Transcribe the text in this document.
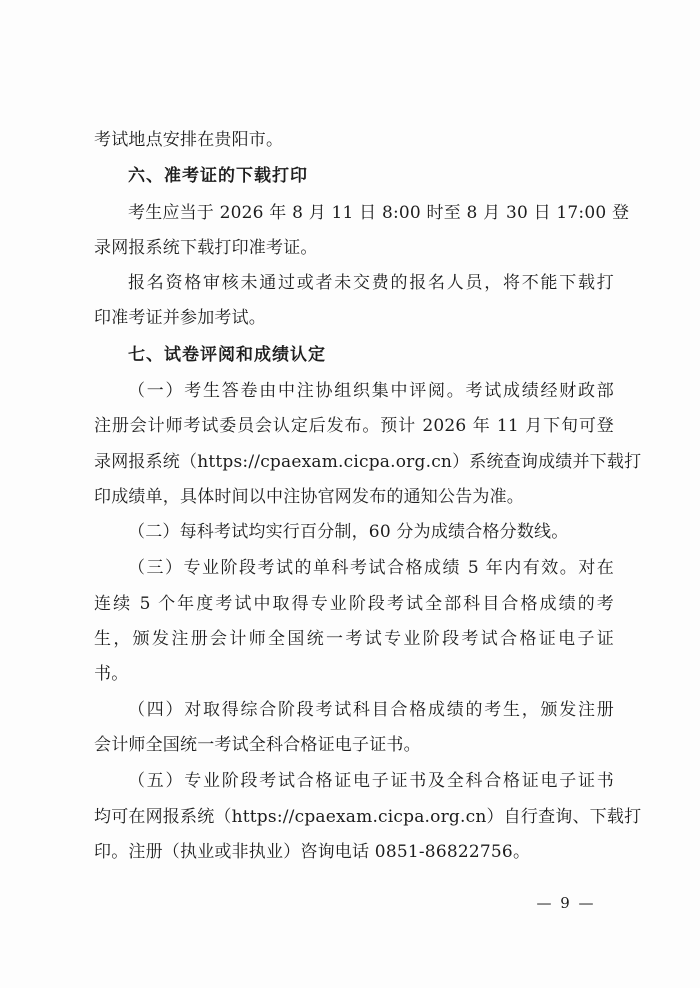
考试地点安排在贵阳市。
六、准考证的下载打印
考生应当于 2026 年 8 月 11 日 8:00 时至 8 月 30 日 17:00 登
录网报系统下载打印准考证。
报名资格审核未通过或者未交费的报名人员，将不能下载打
印准考证并参加考试。
七、试卷评阅和成绩认定
（一）考生答卷由中注协组织集中评阅。考试成绩经财政部
注册会计师考试委员会认定后发布。预计 2026 年 11 月下旬可登
录网报系统（https://cpaexam.cicpa.org.cn）系统查询成绩并下载打
印成绩单，具体时间以中注协官网发布的通知公告为准。
（二）每科考试均实行百分制，60 分为成绩合格分数线。
（三）专业阶段考试的单科考试合格成绩 5 年内有效。对在
连续 5 个年度考试中取得专业阶段考试全部科目合格成绩的考
生，颁发注册会计师全国统一考试专业阶段考试合格证电子证
书。
（四）对取得综合阶段考试科目合格成绩的考生，颁发注册
会计师全国统一考试全科合格证电子证书。
（五）专业阶段考试合格证电子证书及全科合格证电子证书
均可在网报系统（https://cpaexam.cicpa.org.cn）自行查询、下载打
印。注册（执业或非执业）咨询电话 0851-86822756。
— 9 —
